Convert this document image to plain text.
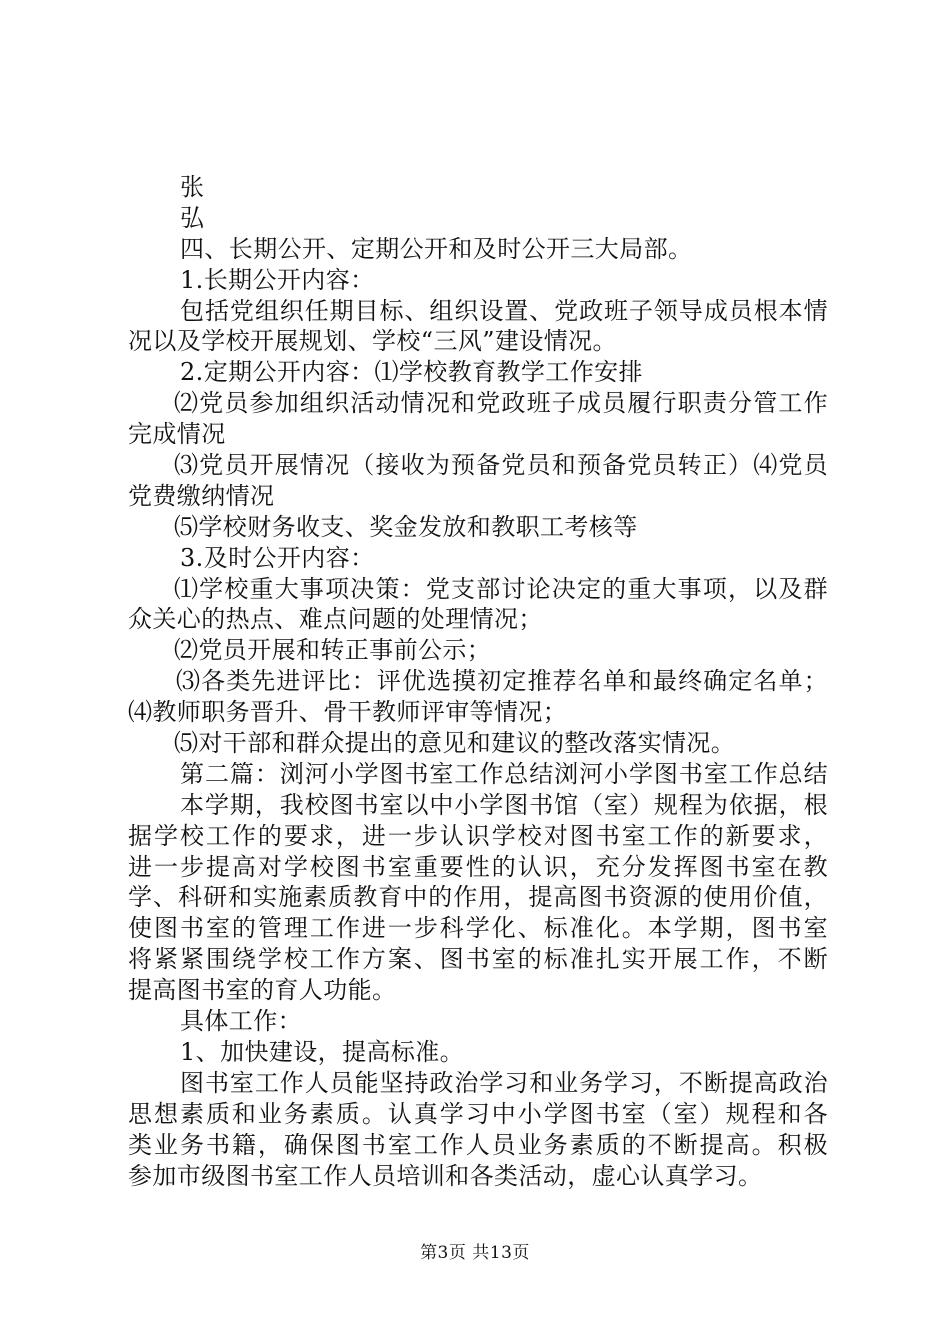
张
弘
四、长期公开、定期公开和及时公开三大局部。
1.长期公开内容：
包括党组织任期目标、组织设置、党政班子领导成员根本情
况以及学校开展规划、学校“三风”建设情况。
2.定期公开内容：⑴学校教育教学工作安排
⑵党员参加组织活动情况和党政班子成员履行职责分管工作
完成情况
⑶党员开展情况（接收为预备党员和预备党员转正）⑷党员
党费缴纳情况
⑸学校财务收支、奖金发放和教职工考核等
3.及时公开内容：
⑴学校重大事项决策：党支部讨论决定的重大事项，以及群
众关心的热点、难点问题的处理情况；
⑵党员开展和转正事前公示；
⑶各类先进评比：评优选摸初定推荐名单和最终确定名单；
⑷教师职务晋升、骨干教师评审等情况；
⑸对干部和群众提出的意见和建议的整改落实情况。
第二篇：浏河小学图书室工作总结浏河小学图书室工作总结
本学期，我校图书室以中小学图书馆（室）规程为依据，根
据学校工作的要求，进一步认识学校对图书室工作的新要求，
进一步提高对学校图书室重要性的认识，充分发挥图书室在教
学、科研和实施素质教育中的作用，提高图书资源的使用价值，
使图书室的管理工作进一步科学化、标准化。本学期，图书室
将紧紧围绕学校工作方案、图书室的标准扎实开展工作，不断
提高图书室的育人功能。
具体工作：
1、加快建设，提高标准。
图书室工作人员能坚持政治学习和业务学习，不断提高政治
思想素质和业务素质。认真学习中小学图书室（室）规程和各
类业务书籍，确保图书室工作人员业务素质的不断提高。积极
参加市级图书室工作人员培训和各类活动，虚心认真学习。
第3页 共13页
